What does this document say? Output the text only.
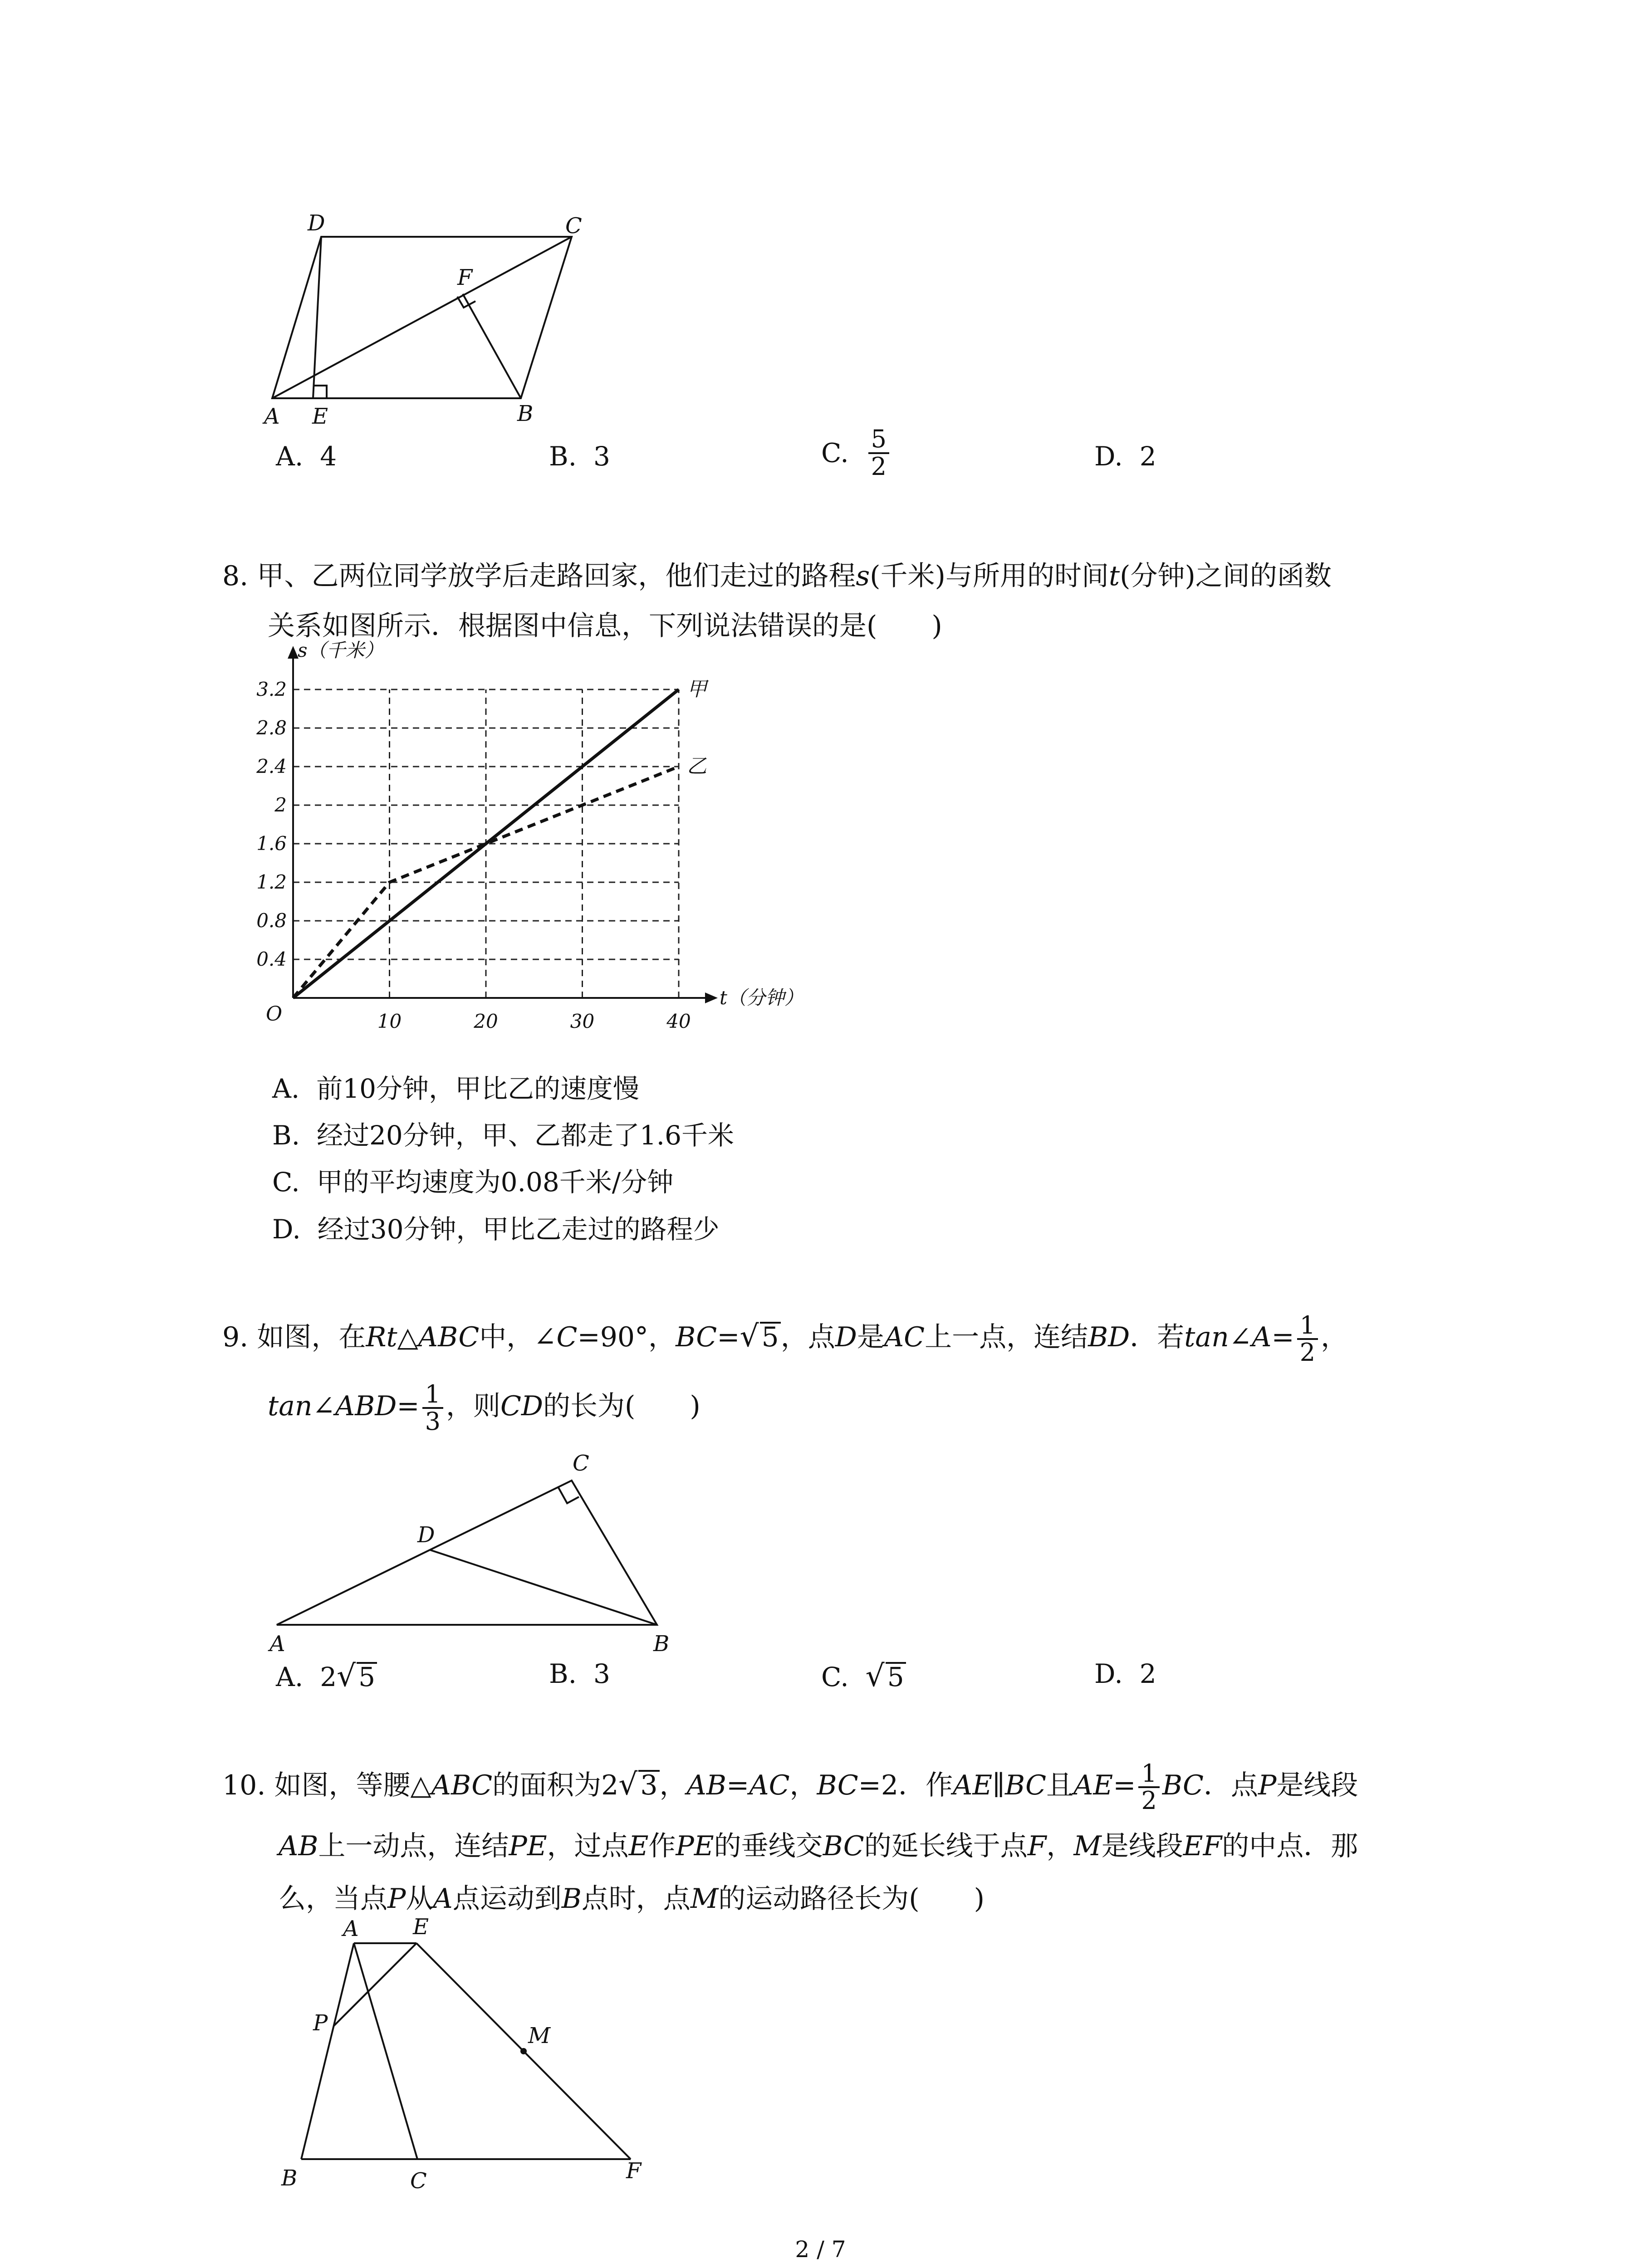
D	C
F
A E	B
A. 4	B. 3	C. $\frac{5}{2}$	D. 2
8. 甲、乙两位同学放学后走路回家，他们走过的路程s(千米)与所用的时间t(分钟)之间的函数
关系如图所示．根据图中信息，下列说法错误的是(　　)
0.4
0.8
1.2
1.6
2
2.4
2.8
3.2
10	20	30	40
O
t（分钟）
s（千米）
甲
乙
A. 前10分钟，甲比乙的速度慢
B. 经过20分钟，甲、乙都走了1.6千米
C. 甲的平均速度为0.08千米/分钟
D. 经过30分钟，甲比乙走过的路程少
9. 如图，在Rt△ABC中，∠C=90°，BC=√ 5，点D是AC上一点，连结BD．若tan∠A= $\frac{1}{2}$ ，
tan∠ABD= $\frac{1}{3}$ ，则CD的长为(　　)
C
D
A	B
A. 2√ 5	B. 3	C. √ 5	D. 2
10. 如图，等腰△ABC的面积为2√ 3，AB=AC，BC=2．作AE∥BC且$AE= \frac{1}{2}$ BC．点P是线段
AB上一动点，连结PE，过点E作PE的垂线交BC的延长线于点F，M是线段EF的中点．那
么，当点P从A点运动到B点时，点M的运动路径长为(　　)
A E
P	M
B	C	F
2 / 7
